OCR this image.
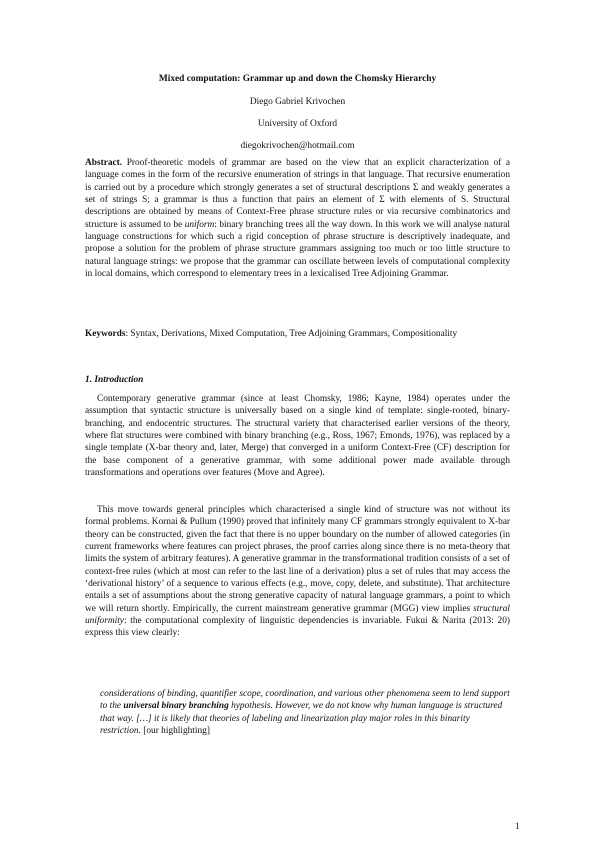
Mixed computation: Grammar up and down the Chomsky Hierarchy
Diego Gabriel Krivochen
University of Oxford
diegokrivochen@hotmail.com
Abstract. Proof-theoretic models of grammar are based on the view that an explicit characterization of a language comes in the form of the recursive enumeration of strings in that language. That recursive enumeration is carried out by a procedure which strongly generates a set of structural descriptions Σ and weakly generates a set of strings S; a grammar is thus a function that pairs an element of Σ with elements of S. Structural descriptions are obtained by means of Context-Free phrase structure rules or via recursive combinatorics and structure is assumed to be uniform: binary branching trees all the way down. In this work we will analyse natural language constructions for which such a rigid conception of phrase structure is descriptively inadequate, and propose a solution for the problem of phrase structure grammars assigning too much or too little structure to natural language strings: we propose that the grammar can oscillate between levels of computational complexity in local domains, which correspond to elementary trees in a lexicalised Tree Adjoining Grammar.
Keywords: Syntax, Derivations, Mixed Computation, Tree Adjoining Grammars, Compositionality
1. Introduction
Contemporary generative grammar (since at least Chomsky, 1986; Kayne, 1984) operates under the assumption that syntactic structure is universally based on a single kind of template: single-rooted, binary-branching, and endocentric structures. The structural variety that characterised earlier versions of the theory, where flat structures were combined with binary branching (e.g., Ross, 1967; Emonds, 1976), was replaced by a single template (X-bar theory and, later, Merge) that converged in a uniform Context-Free (CF) description for the base component of a generative grammar, with some additional power made available through transformations and operations over features (Move and Agree).
This move towards general principles which characterised a single kind of structure was not without its formal problems. Kornai & Pullum (1990) proved that infinitely many CF grammars strongly equivalent to X-bar theory can be constructed, given the fact that there is no upper boundary on the number of allowed categories (in current frameworks where features can project phrases, the proof carries along since there is no meta-theory that limits the system of arbitrary features). A generative grammar in the transformational tradition consists of a set of context-free rules (which at most can refer to the last line of a derivation) plus a set of rules that may access the ‘derivational history’ of a sequence to various effects (e.g., move, copy, delete, and substitute). That architecture entails a set of assumptions about the strong generative capacity of natural language grammars, a point to which we will return shortly. Empirically, the current mainstream generative grammar (MGG) view implies structural uniformity: the computational complexity of linguistic dependencies is invariable. Fukui & Narita (2013: 20) express this view clearly:
considerations of binding, quantifier scope, coordination, and various other phenomena seem to lend support to the universal binary branching hypothesis. However, we do not know why human language is structured that way. […] it is likely that theories of labeling and linearization play major roles in this binarity restriction. [our highlighting]
1
